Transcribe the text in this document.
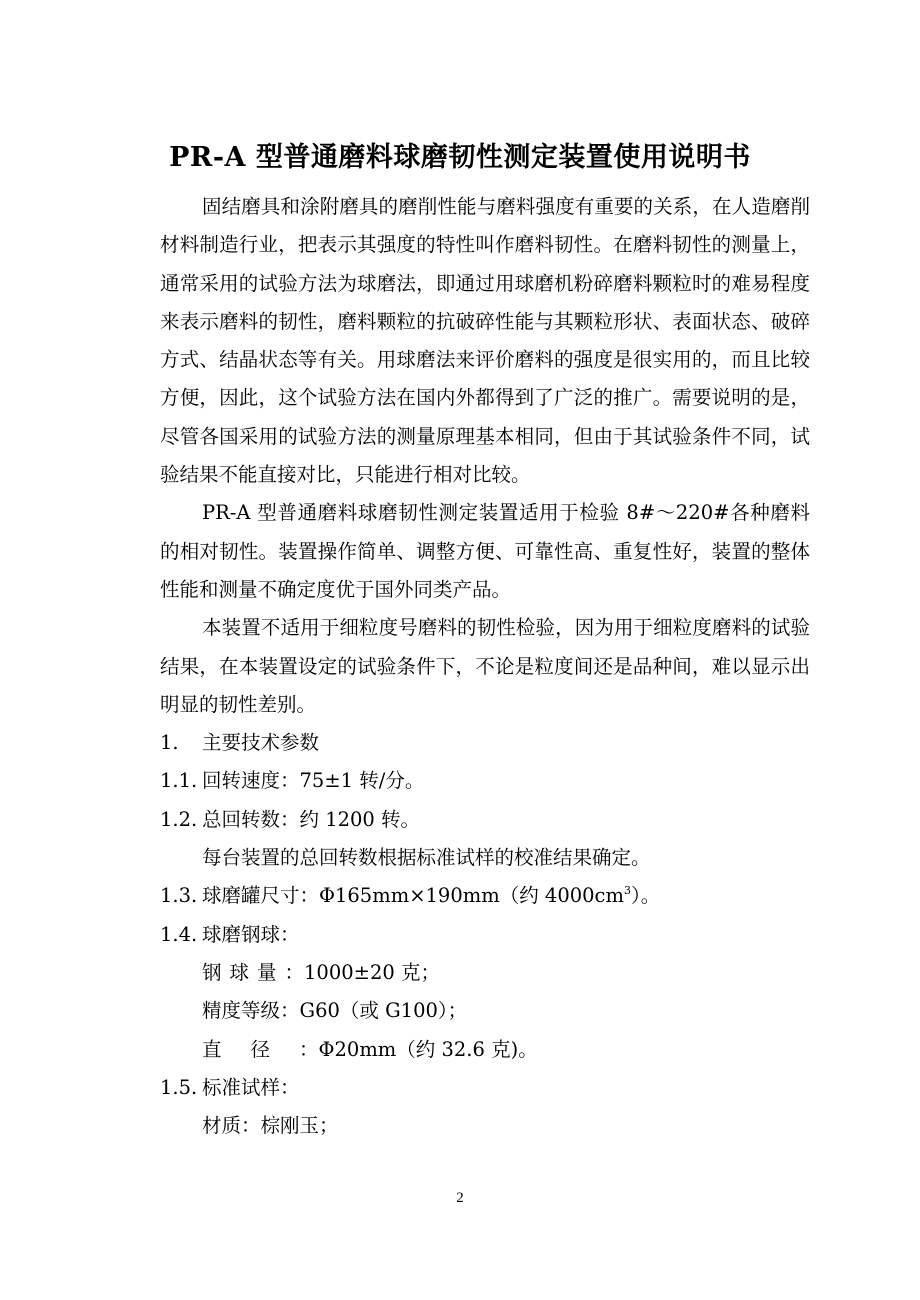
PR-A 型普通磨料球磨韧性测定装置使用说明书

固结磨具和涂附磨具的磨削性能与磨料强度有重要的关系，在人造磨削材料制造行业，把表示其强度的特性叫作磨料韧性。在磨料韧性的测量上，通常采用的试验方法为球磨法，即通过用球磨机粉碎磨料颗粒时的难易程度来表示磨料的韧性，磨料颗粒的抗破碎性能与其颗粒形状、表面状态、破碎方式、结晶状态等有关。用球磨法来评价磨料的强度是很实用的，而且比较方便，因此，这个试验方法在国内外都得到了广泛的推广。需要说明的是，尽管各国采用的试验方法的测量原理基本相同，但由于其试验条件不同，试验结果不能直接对比，只能进行相对比较。

PR-A 型普通磨料球磨韧性测定装置适用于检验 8#～220#各种磨料的相对韧性。装置操作简单、调整方便、可靠性高、重复性好，装置的整体性能和测量不确定度优于国外同类产品。

本装置不适用于细粒度号磨料的韧性检验，因为用于细粒度磨料的试验结果，在本装置设定的试验条件下，不论是粒度间还是品种间，难以显示出明显的韧性差别。

1. 主要技术参数

1.1. 回转速度：75±1 转/分。

1.2. 总回转数：约 1200 转。

每台装置的总回转数根据标准试样的校准结果确定。

1.3. 球磨罐尺寸：Φ165mm×190mm（约 $4000cm^3$）。

1.4. 球磨钢球：

钢球量：1000±20 克；

精度等级：G60（或 G100）；

直径：Φ20mm（约 32.6 克)。

1.5. 标准试样：

材质：棕刚玉；

2
